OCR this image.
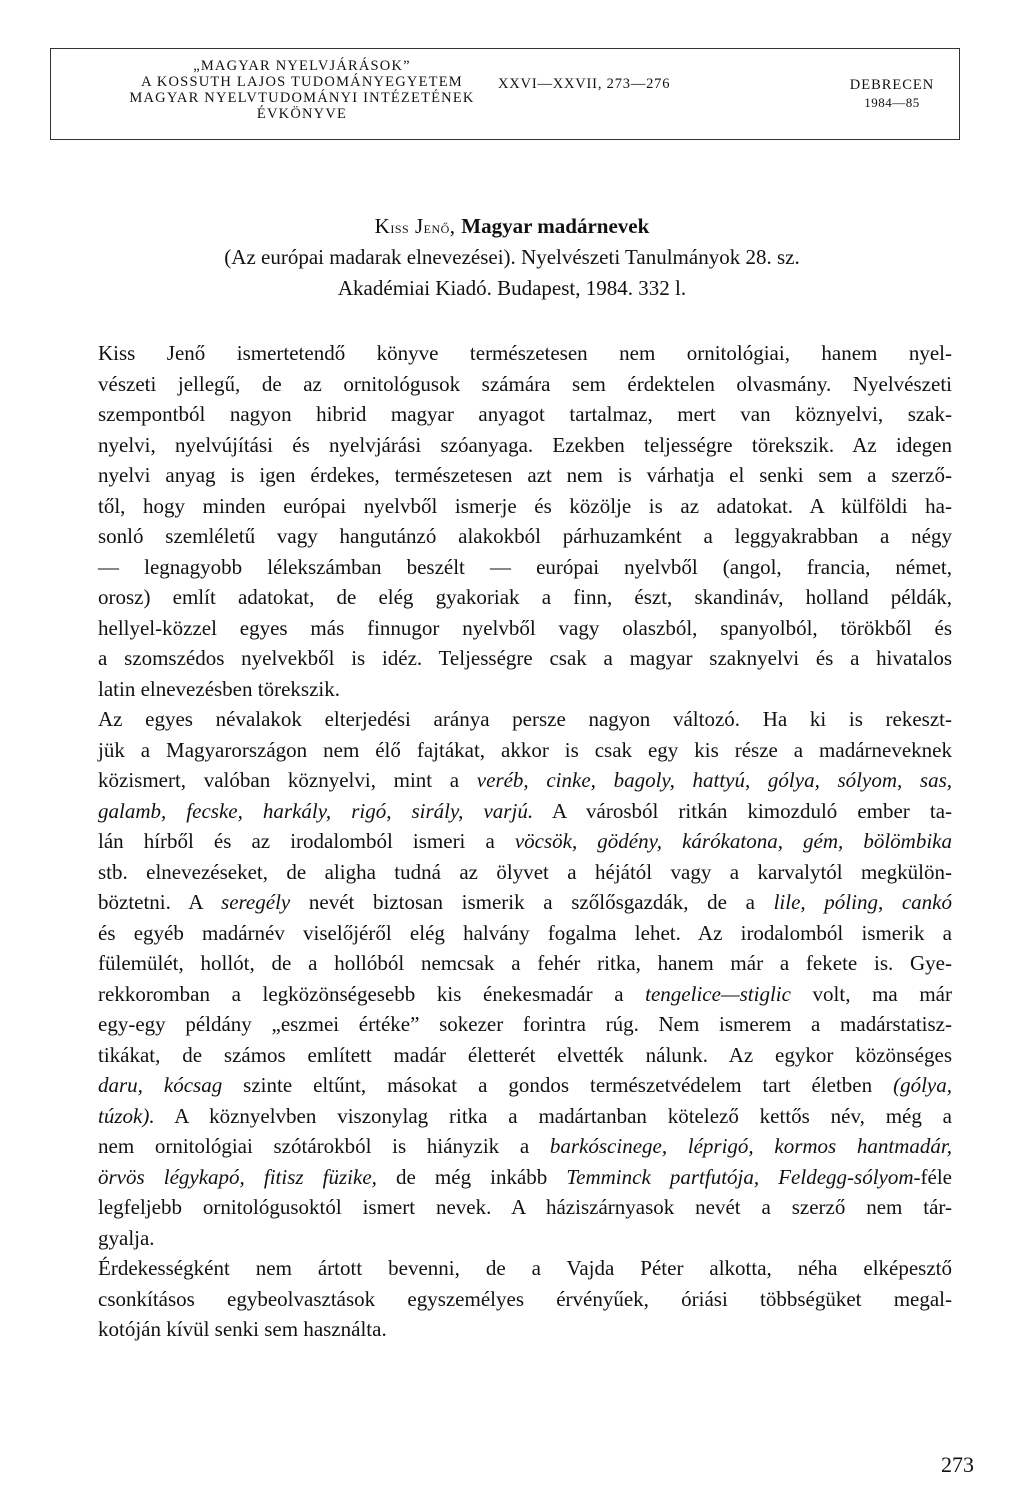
„MAGYAR NYELVJÁRÁSOK”
A KOSSUTH LAJOS TUDOMÁNYEGYETEM
MAGYAR NYELVTUDOMÁNYI INTÉZETÉNEK
ÉVKÖNYVE
XXVI—XXVII, 273—276	DEBRECEN
1984—85
Kiss Jenő, Magyar madárnevek
(Az európai madarak elnevezései). Nyelvészeti Tanulmányok 28. sz.
Akadémiai Kiadó. Budapest, 1984. 332 l.

Kiss Jenő ismertetendő könyve természetesen nem ornitológiai, hanem nyel-
vészeti jellegű, de az ornitológusok számára sem érdektelen olvasmány. Nyelvészeti
szempontból nagyon hibrid magyar anyagot tartalmaz, mert van köznyelvi, szak-
nyelvi, nyelvújítási és nyelvjárási szóanyaga. Ezekben teljességre törekszik. Az idegen
nyelvi anyag is igen érdekes, természetesen azt nem is várhatja el senki sem a szerző-
től, hogy minden európai nyelvből ismerje és közölje is az adatokat. A külföldi ha-
sonló szemléletű vagy hangutánzó alakokból párhuzamként a leggyakrabban a négy
— legnagyobb lélekszámban beszélt — európai nyelvből (angol, francia, német,
orosz) említ adatokat, de elég gyakoriak a finn, észt, skandináv, holland példák,
hellyel-közzel egyes más finnugor nyelvből vagy olaszból, spanyolból, törökből és
a szomszédos nyelvekből is idéz. Teljességre csak a magyar szaknyelvi és a hivatalos
latin elnevezésben törekszik.

Az egyes névalakok elterjedési aránya persze nagyon változó. Ha ki is rekeszt-
jük a Magyarországon nem élő fajtákat, akkor is csak egy kis része a madárneveknek
közismert, valóban köznyelvi, mint a veréb, cinke, bagoly, hattyú, gólya, sólyom, sas,
galamb, fecske, harkály, rigó, sirály, varjú. A városból ritkán kimozduló ember ta-
lán hírből és az irodalomból ismeri a vöcsök, gödény, kárókatona, gém, bölömbika
stb. elnevezéseket, de aligha tudná az ölyvet a héjától vagy a karvalytól megkülön-
böztetni. A seregély nevét biztosan ismerik a szőlősgazdák, de a lile, póling, cankó
és egyéb madárnév viselőjéről elég halvány fogalma lehet. Az irodalomból ismerik a
fülemülét, hollót, de a hollóból nemcsak a fehér ritka, hanem már a fekete is. Gye-
rekkoromban a legközönségesebb kis énekesmadár a tengelice—stiglic volt, ma már
egy-egy példány „eszmei értéke” sokezer forintra rúg. Nem ismerem a madárstatisz-
tikákat, de számos említett madár életterét elvették nálunk. Az egykor közönséges
daru, kócsag szinte eltűnt, másokat a gondos természetvédelem tart életben (gólya,
túzok). A köznyelvben viszonylag ritka a madártanban kötelező kettős név, még a
nem ornitológiai szótárokból is hiányzik a barkóscinege, léprigó, kormos hantmadár,
örvös légykapó, fitisz füzike, de még inkább Temminck partfutója, Feldegg-sólyom-féle
legfeljebb ornitológusoktól ismert nevek. A háziszárnyasok nevét a szerző nem tár-
gyalja.

Érdekességként nem ártott bevenni, de a Vajda Péter alkotta, néha elképesztő
csonkításos egybeolvasztások egyszemélyes érvényűek, óriási többségüket megal-
kotóján kívül senki sem használta.

273
